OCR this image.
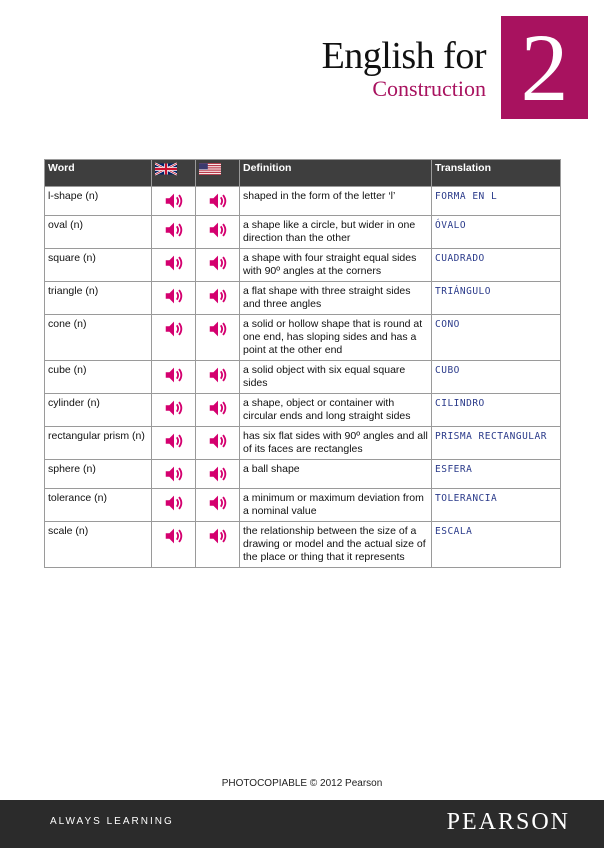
English for
Construction 2
Word			Definition	Translation
l-shape (n)			shaped in the form of the letter ‘l’	FORMA EN L
oval (n)			a shape like a circle, but wider in one direction than the other	ÓVALO
square (n)			a shape with four straight equal sides with 90º angles at the corners	CUADRADO
triangle (n)			a flat shape with three straight sides and three angles	TRIÁNGULO
cone (n)			a solid or hollow shape that is round at one end, has sloping sides and has a point at the other end	CONO
cube (n)			a solid object with six equal square sides	CUBO
cylinder (n)			a shape, object or container with circular ends and long straight sides	CILINDRO
rectangular prism (n)			has six flat sides with 90º angles and all of its faces are rectangles	PRISMA RECTANGULAR
sphere (n)			a ball shape	ESFERA
tolerance (n)			a minimum or maximum deviation from a nominal value	TOLERANCIA
scale (n)			the relationship between the size of a drawing or model and the actual size of the place or thing that it represents	ESCALA
PHOTOCOPIABLE © 2012 Pearson
ALWAYS LEARNING	PEARSON
